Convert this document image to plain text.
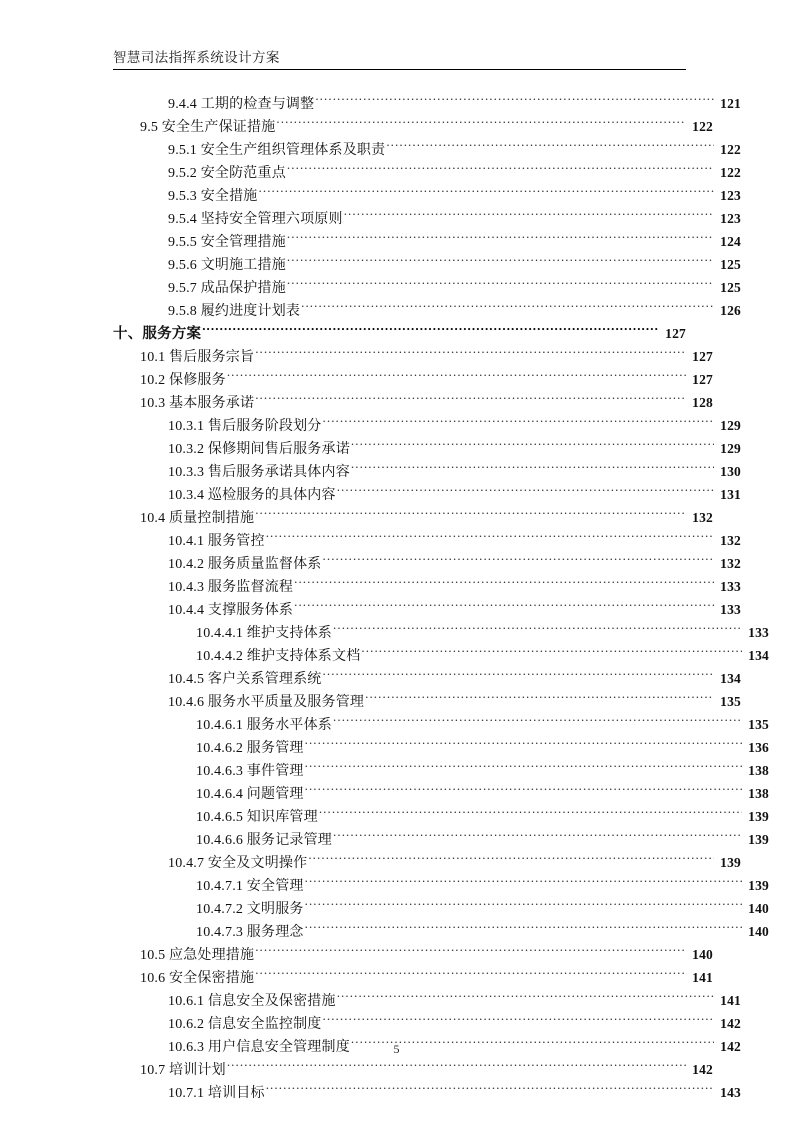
智慧司法指挥系统设计方案
9.4.4 工期的检查与调整 .....	121
9.5 安全生产保证措施 .....	122
9.5.1 安全生产组织管理体系及职责 .....	122
9.5.2 安全防范重点 .....	122
9.5.3 安全措施 .....	123
9.5.4 坚持安全管理六项原则 .....	123
9.5.5 安全管理措施 .....	124
9.5.6 文明施工措施 .....	125
9.5.7 成品保护措施 .....	125
9.5.8 履约进度计划表 .....	126
十、服务方案 .....	127
10.1 售后服务宗旨 .....	127
10.2 保修服务 .....	127
10.3 基本服务承诺 .....	128
10.3.1 售后服务阶段划分 .....	129
10.3.2 保修期间售后服务承诺 .....	129
10.3.3 售后服务承诺具体内容 .....	130
10.3.4 巡检服务的具体内容 .....	131
10.4 质量控制措施 .....	132
10.4.1 服务管控 .....	132
10.4.2 服务质量监督体系 .....	132
10.4.3 服务监督流程 .....	133
10.4.4 支撑服务体系 .....	133
10.4.4.1 维护支持体系 .....	133
10.4.4.2 维护支持体系文档 .....	134
10.4.5 客户关系管理系统 .....	134
10.4.6 服务水平质量及服务管理 .....	135
10.4.6.1 服务水平体系 .....	135
10.4.6.2 服务管理 .....	136
10.4.6.3 事件管理 .....	138
10.4.6.4 问题管理 .....	138
10.4.6.5 知识库管理 .....	139
10.4.6.6 服务记录管理 .....	139
10.4.7 安全及文明操作 .....	139
10.4.7.1 安全管理 .....	139
10.4.7.2 文明服务 .....	140
10.4.7.3 服务理念 .....	140
10.5 应急处理措施 .....	140
10.6 安全保密措施 .....	141
10.6.1 信息安全及保密措施 .....	141
10.6.2 信息安全监控制度 .....	142
10.6.3 用户信息安全管理制度 .....	142
10.7 培训计划 .....	142
10.7.1 培训目标 .....	143
5
